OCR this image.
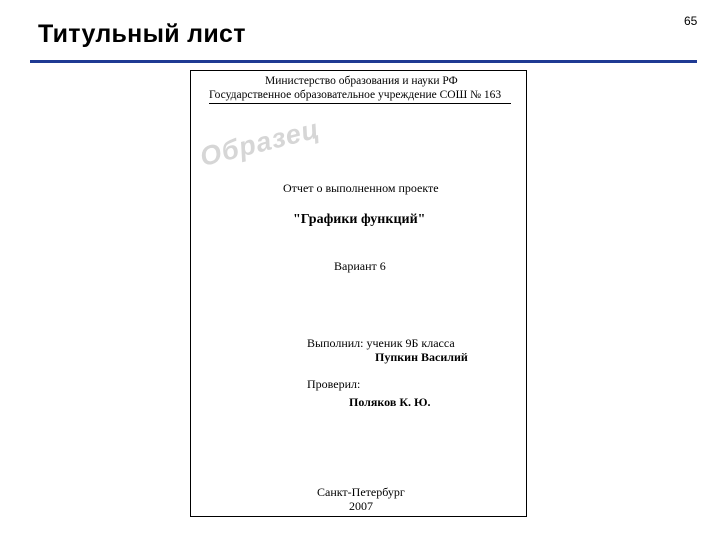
Титульный лист	65
Министерство образования и науки РФ
Государственное образовательное учреждение СОШ № 163
Образец
Отчет о выполненном проекте
"Графики функций"
Вариант 6
Выполнил: ученик 9Б класса
Пупкин Василий
Проверил:
Поляков К. Ю.
Санкт-Петербург
2007
